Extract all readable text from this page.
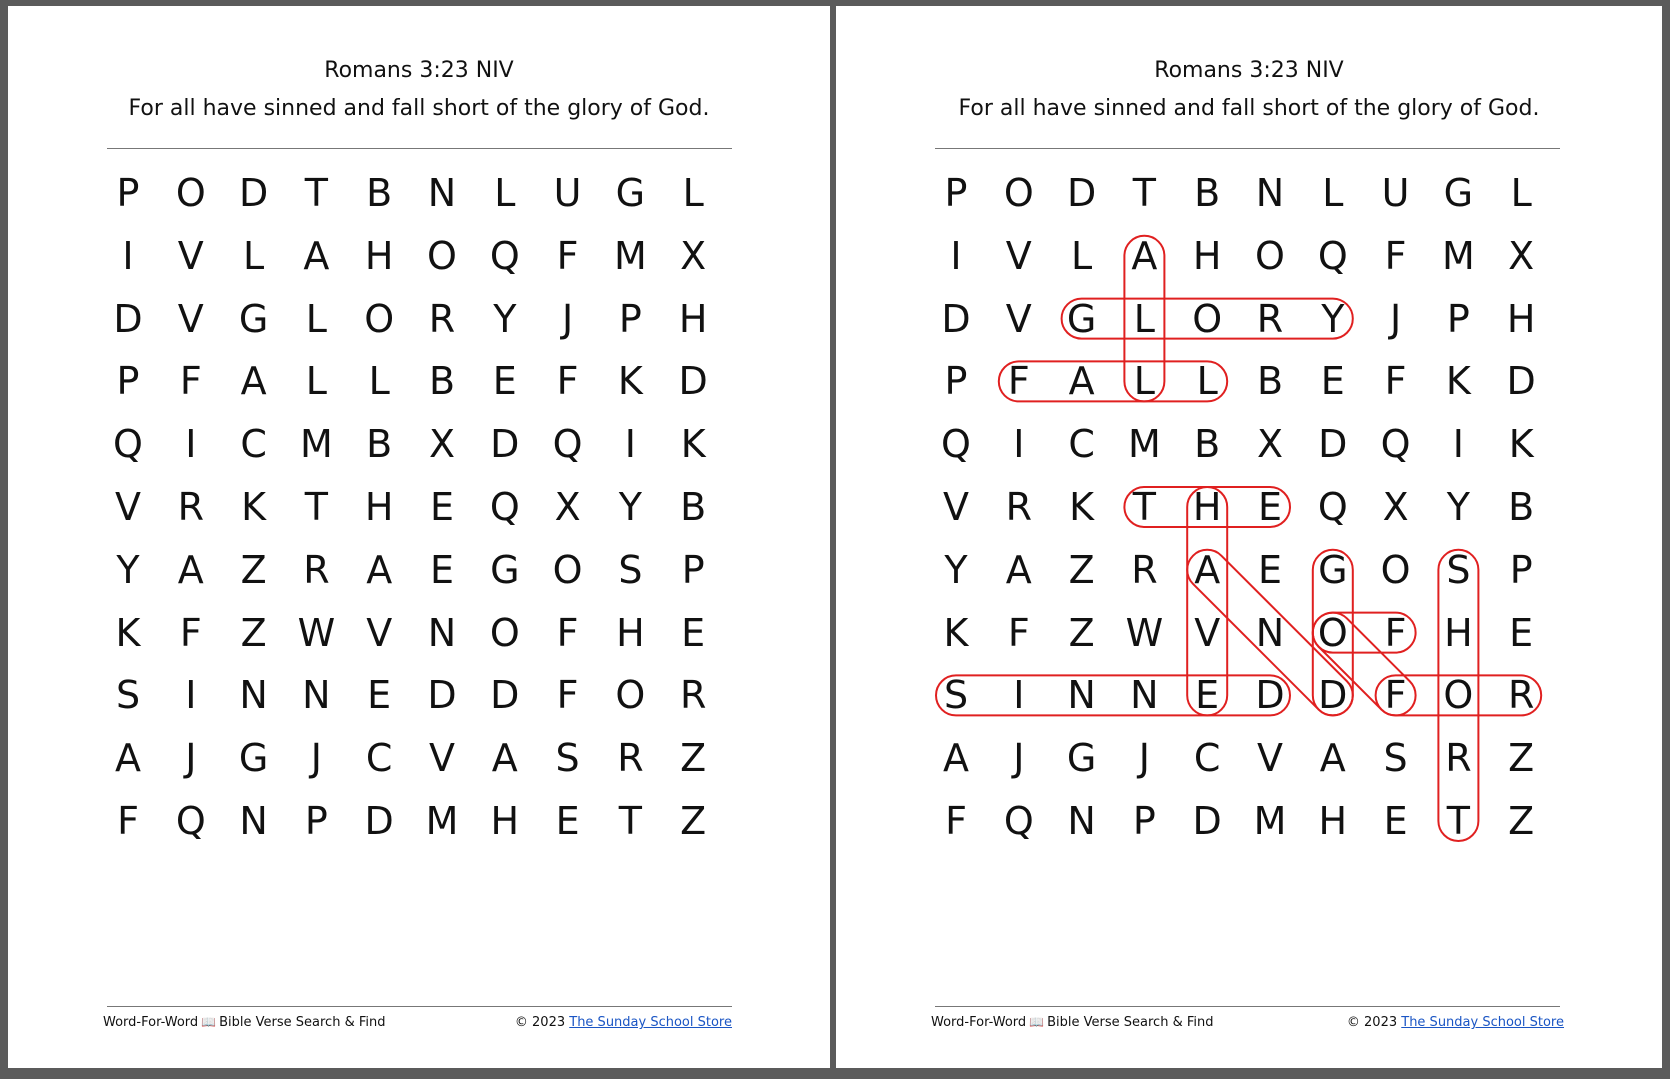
Romans 3:23 NIV
For all have sinned and fall short of the glory of God.
P O D T	B N L	U G L
I	V	L	A H O Q F M X
D V G L O R Y	J	P H
P	F	A	L	L	B E	F	K D
Q	I	C M B X D Q	I	K
V R K	T H E Q X	Y	B
Y	A Z R A E G O S	P
K	F	Z W V N O F H E
S	I	N N E D D F O R
A	J	G	J	C V A S R Z
F Q N P D M H E	T	Z
Word-For-Word 📖 Bible Verse Search & Find	© 2023 The Sunday School Store
Romans 3:23 NIV
For all have sinned and fall short of the glory of God.
P O D T	B N L	U G L
I	V	L	A H O Q F M X
D V G L O R Y	J	P H
P	F	A	L	L	B E	F	K D
Q	I	C M B X D Q	I	K
V R K	T H E Q X	Y	B
Y	A Z R A E G O S	P
K	F	Z W V N O F H E
S	I	N N E D D F O R
A	J	G	J	C V A S R Z
F Q N P D M H E	T	Z
Word-For-Word 📖 Bible Verse Search & Find	© 2023 The Sunday School Store
